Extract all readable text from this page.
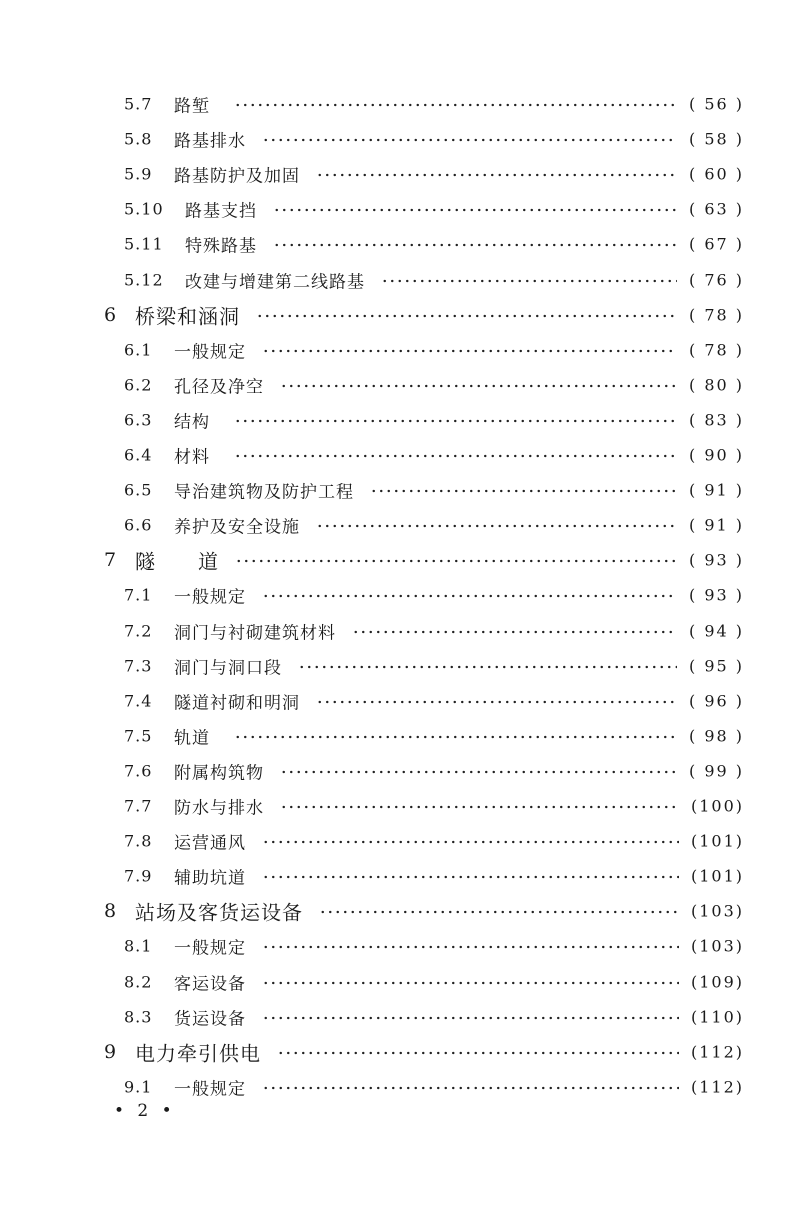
5.7 路堑	( 56 )
5.8 路基排水	( 58 )
5.9 路基防护及加固	( 60 )
5.10 路基支挡	( 63 )
5.11 特殊路基	( 67 )
5.12 改建与增建第二线路基	( 76 )
6 桥梁和涵洞	( 78 )
6.1 一般规定	( 78 )
6.2 孔径及净空	( 80 )
6.3 结构	( 83 )
6.4 材料	( 90 )
6.5 导治建筑物及防护工程	( 91 )
6.6 养护及安全设施	( 91 )
7 隧　　道	( 93 )
7.1 一般规定	( 93 )
7.2 洞门与衬砌建筑材料	( 94 )
7.3 洞门与洞口段	( 95 )
7.4 隧道衬砌和明洞	( 96 )
7.5 轨道	( 98 )
7.6 附属构筑物	( 99 )
7.7 防水与排水	(100)
7.8 运营通风	(101)
7.9 辅助坑道	(101)
8 站场及客货运设备	(103)
8.1 一般规定	(103)
8.2 客运设备	(109)
8.3 货运设备	(110)
9 电力牵引供电	(112)
9.1 一般规定	(112)
• 2 •
